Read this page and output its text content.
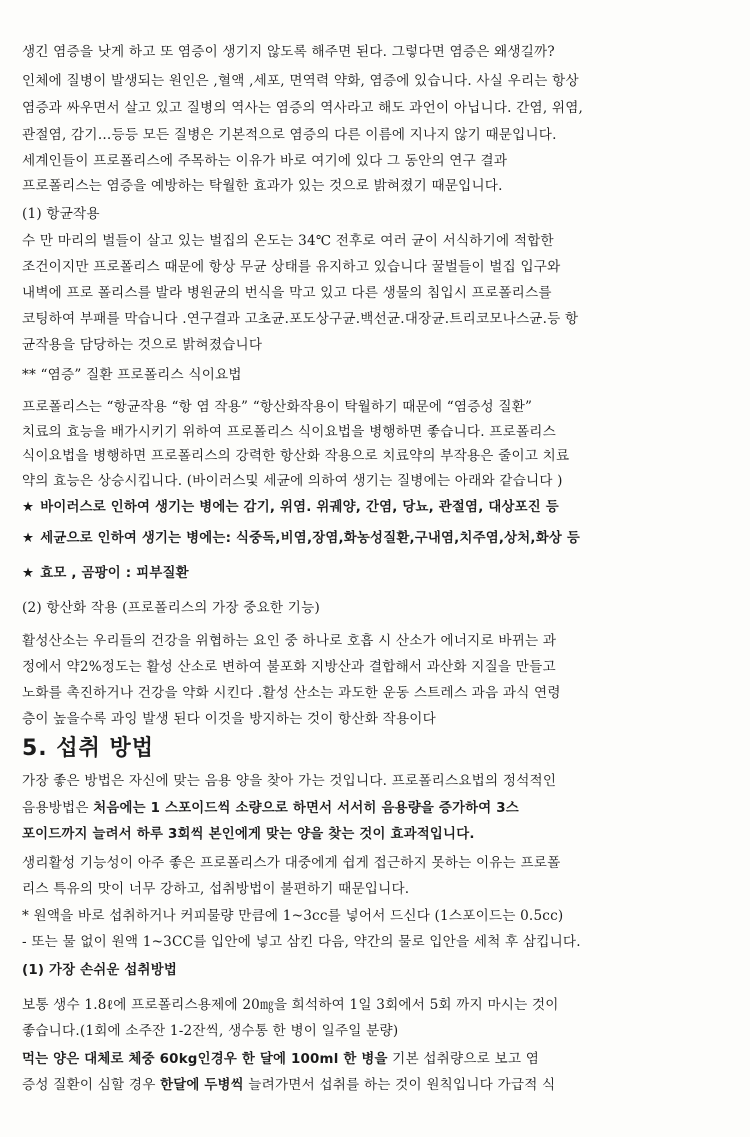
생긴 염증을 낫게 하고 또 염증이 생기지 않도록 해주면 된다. 그렇다면 염증은 왜생길까?
인체에 질병이 발생되는 원인은 ,혈액 ,세포, 면역력 약화, 염증에 있습니다. 사실 우리는 항상
염증과 싸우면서 살고 있고 질병의 역사는 염증의 역사라고 해도 과언이 아닙니다. 간염, 위염,
관절염, 감기…등등 모든 질병은 기본적으로 염증의 다른 이름에 지나지 않기 때문입니다.
세계인들이 프로폴리스에 주목하는 이유가 바로 여기에 있다 그 동안의 연구 결과
프로폴리스는 염증을 예방하는 탁월한 효과가 있는 것으로 밝혀졌기 때문입니다.
(1) 항균작용
수 만 마리의 벌들이 살고 있는 벌집의 온도는 34℃ 전후로 여러 균이 서식하기에 적합한
조건이지만 프로폴리스 때문에 항상 무균 상태를 유지하고 있습니다 꿀벌들이 벌집 입구와
내벽에 프로 폴리스를 발라 병원균의 번식을 막고 있고 다른 생물의 침입시 프로폴리스를
코팅하여 부패를 막습니다 .연구결과 고초균.포도상구균.백선균.대장균.트리코모나스균.등 항
균작용을 담당하는 것으로 밝혀졌습니다
** “염증” 질환 프로폴리스 식이요법
프로폴리스는 “항균작용 “항 염 작용” “항산화작용이 탁월하기 때문에 “염증성 질환”
치료의 효능을 배가시키기 위하여 프로폴리스 식이요법을 병행하면 좋습니다. 프로폴리스
식이요법을 병행하면 프로폴리스의 강력한 항산화 작용으로 치료약의 부작용은 줄이고 치료
약의 효능은 상승시킵니다. (바이러스및 세균에 의하여 생기는 질병에는 아래와 같습니다 )
★ 바이러스로 인하여 생기는 병에는 감기, 위염. 위궤양, 간염, 당뇨, 관절염, 대상포진 등
★ 세균으로 인하여 생기는 병에는: 식중독,비염,장염,화농성질환,구내염,치주염,상처,화상 등
★ 효모 , 곰팡이 : 피부질환
(2) 항산화 작용 (프로폴리스의 가장 중요한 기능)
활성산소는 우리들의 건강을 위협하는 요인 중 하나로 호흡 시 산소가 에너지로 바뀌는 과
정에서 약2%정도는 활성 산소로 변하여 불포화 지방산과 결합해서 과산화 지질을 만들고
노화를 촉진하거나 건강을 약화 시킨다 .활성 산소는 과도한 운동 스트레스 과음 과식 연령
층이 높을수록 과잉 발생 된다 이것을 방지하는 것이 항산화 작용이다
5. 섭취 방법
가장 좋은 방법은 자신에 맞는 음용 양을 찾아 가는 것입니다. 프로폴리스요법의 정석적인
음용방법은 처음에는 1 스포이드씩 소량으로 하면서 서서히 음용량을 증가하여 3스
포이드까지 늘려서 하루 3회씩 본인에게 맞는 양을 찾는 것이 효과적입니다.
생리활성 기능성이 아주 좋은 프로폴리스가 대중에게 쉽게 접근하지 못하는 이유는 프로폴
리스 특유의 맛이 너무 강하고, 섭취방법이 불편하기 때문입니다.
* 원액을 바로 섭취하거나 커피물량 만큼에 1~3cc를 넣어서 드신다 (1스포이드는 0.5cc)
- 또는 물 없이 원액 1~3CC를 입안에 넣고 삼킨 다음, 약간의 물로 입안을 세척 후 삼킵니다.
(1) 가장 손쉬운 섭취방법
보통 생수 1.8ℓ에 프로폴리스용제에 20㎎을 희석하여 1일 3회에서 5회 까지 마시는 것이
좋습니다.(1회에 소주잔 1-2잔씩, 생수통 한 병이 일주일 분량)
먹는 양은 대체로 체중 60kg인경우 한 달에 100ml 한 병을 기본 섭취량으로 보고 염
증성 질환이 심할 경우 한달에 두병씩 늘려가면서 섭취를 하는 것이 원칙입니다 가급적 식
